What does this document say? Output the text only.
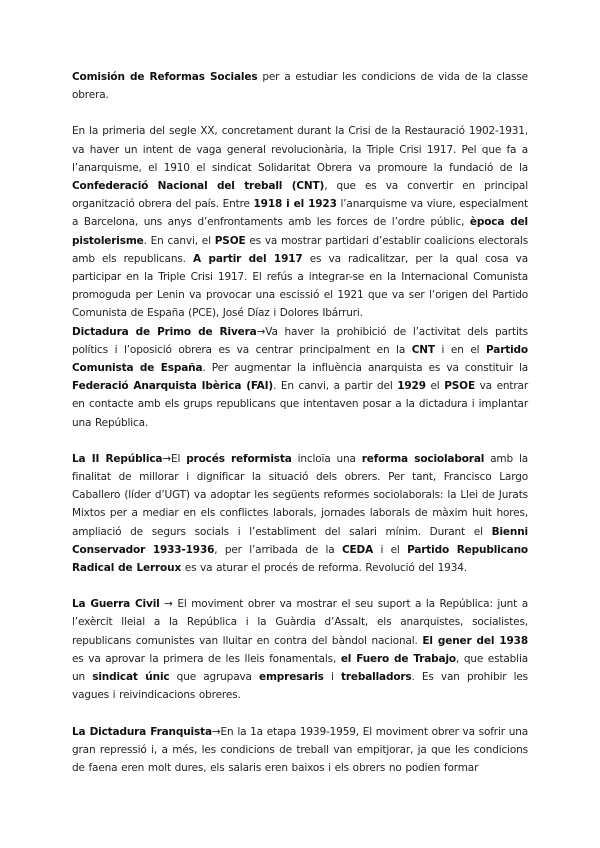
Comisión de Reformas Sociales per a estudiar les condicions de vida de la classe obrera.

En la primeria del segle XX, concretament durant la Crisi de la Restauració 1902-1931, va haver un intent de vaga general revolucionària, la Triple Crisi 1917. Pel que fa a l’anarquisme, el 1910 el sindicat Solidaritat Obrera va promoure la fundació de la Confederació Nacional del treball (CNT), que es va convertir en principal organització obrera del país. Entre 1918 i el 1923 l’anarquisme va viure, especialment a Barcelona, uns anys d’enfrontaments amb les forces de l’ordre públic, època del pistolerisme. En canvi, el PSOE es va mostrar partidari d’establir coalicions electorals amb els republicans. A partir del 1917 es va radicalitzar, per la qual cosa va participar en la Triple Crisi 1917. El refús a integrar-se en la Internacional Comunista promoguda per Lenin va provocar una escissió el 1921 que va ser l’origen del Partido Comunista de España (PCE), José Díaz i Dolores Ibárruri.

Dictadura de Primo de Rivera→Va haver la prohibició de l’activitat dels partits polítics i l’oposició obrera es va centrar principalment en la CNT i en el Partido Comunista de España. Per augmentar la influència anarquista es va constituir la Federació Anarquista Ibèrica (FAI). En canvi, a partir del 1929 el PSOE va entrar en contacte amb els grups republicans que intentaven posar a la dictadura i implantar una República.

La II República→El procés reformista incloïa una reforma sociolaboral amb la finalitat de millorar i dignificar la situació dels obrers. Per tant, Francisco Largo Caballero (líder d’UGT) va adoptar les següents reformes sociolaborals: la Llei de Jurats Mixtos per a mediar en els conflictes laborals, jornades laborals de màxim huit hores, ampliació de segurs socials i l’establiment del salari mínim. Durant el Bienni Conservador 1933-1936, per l’arribada de la CEDA i el Partido Republicano Radical de Lerroux es va aturar el procés de reforma. Revolució del 1934.

La Guerra Civil → El moviment obrer va mostrar el seu suport a la República: junt a l’exèrcit lleial a la República i la Guàrdia d’Assalt, els anarquistes, socialistes, republicans comunistes van lluitar en contra del bàndol nacional. El gener del 1938 es va aprovar la primera de les lleis fonamentals, el Fuero de Trabajo, que establia un sindicat únic que agrupava empresaris i treballadors. Es van prohibir les vagues i reivindicacions obreres.

La Dictadura Franquista→En la 1a etapa 1939-1959, El moviment obrer va sofrir una gran repressió i, a més, les condicions de treball van empitjorar, ja que les condicions de faena eren molt dures, els salaris eren baixos i els obrers no podien formar
